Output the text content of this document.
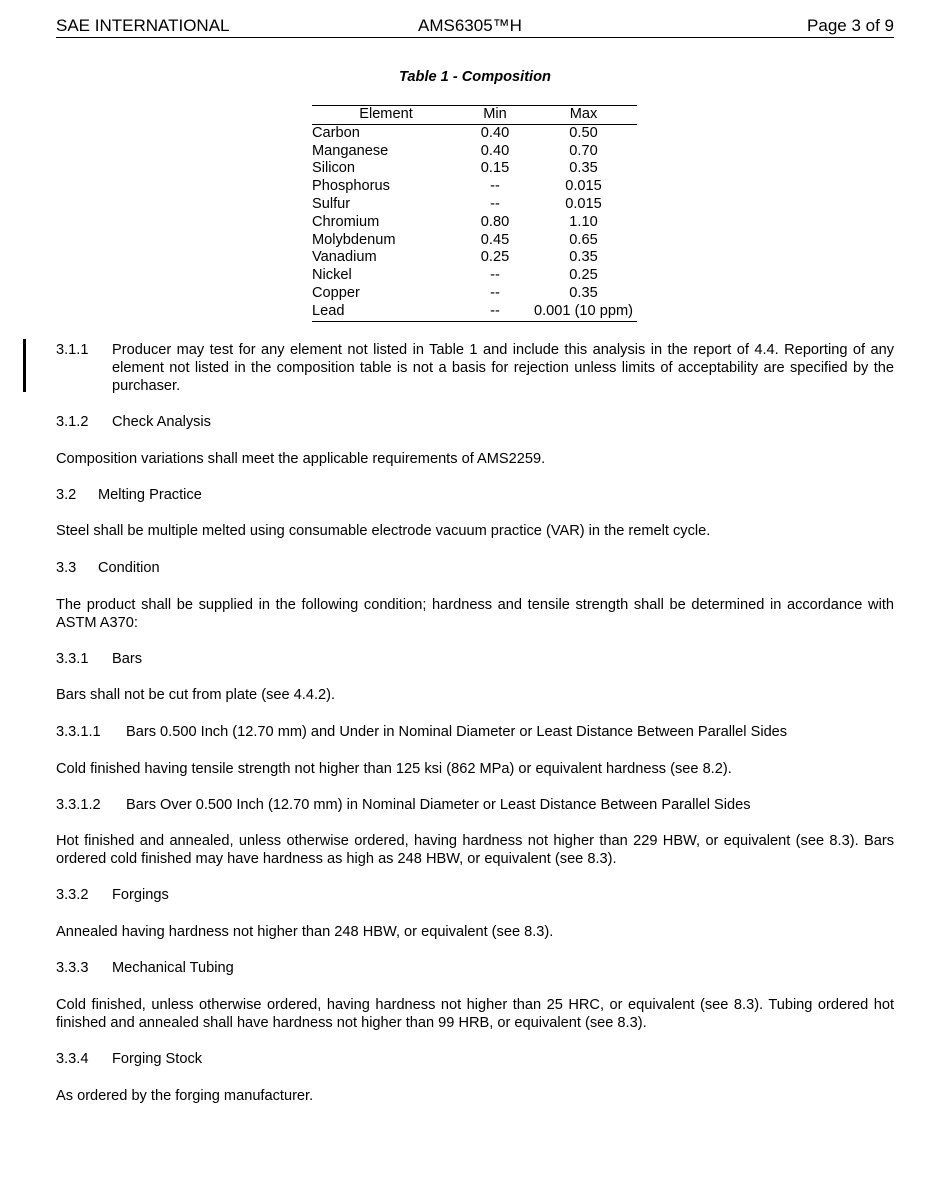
SAE INTERNATIONAL	AMS6305™H	Page 3 of 9
Table 1 - Composition
Element	Min	Max
Carbon	0.40	0.50
Manganese	0.40	0.70
Silicon	0.15	0.35
Phosphorus	--	0.015
Sulfur	--	0.015
Chromium	0.80	1.10
Molybdenum	0.45	0.65
Vanadium	0.25	0.35
Nickel	--	0.25
Copper	--	0.35
Lead	--	0.001 (10 ppm)
3.1.1 Producer may test for any element not listed in Table 1 and include this analysis in the report of 4.4. Reporting of any element not listed in the composition table is not a basis for rejection unless limits of acceptability are specified by the purchaser.
3.1.2 Check Analysis
Composition variations shall meet the applicable requirements of AMS2259.
3.2 Melting Practice
Steel shall be multiple melted using consumable electrode vacuum practice (VAR) in the remelt cycle.
3.3 Condition
The product shall be supplied in the following condition; hardness and tensile strength shall be determined in accordance with ASTM A370:
3.3.1 Bars
Bars shall not be cut from plate (see 4.4.2).
3.3.1.1 Bars 0.500 Inch (12.70 mm) and Under in Nominal Diameter or Least Distance Between Parallel Sides
Cold finished having tensile strength not higher than 125 ksi (862 MPa) or equivalent hardness (see 8.2).
3.3.1.2 Bars Over 0.500 Inch (12.70 mm) in Nominal Diameter or Least Distance Between Parallel Sides
Hot finished and annealed, unless otherwise ordered, having hardness not higher than 229 HBW, or equivalent (see 8.3). Bars ordered cold finished may have hardness as high as 248 HBW, or equivalent (see 8.3).
3.3.2 Forgings
Annealed having hardness not higher than 248 HBW, or equivalent (see 8.3).
3.3.3 Mechanical Tubing
Cold finished, unless otherwise ordered, having hardness not higher than 25 HRC, or equivalent (see 8.3). Tubing ordered hot finished and annealed shall have hardness not higher than 99 HRB, or equivalent (see 8.3).
3.3.4 Forging Stock
As ordered by the forging manufacturer.
